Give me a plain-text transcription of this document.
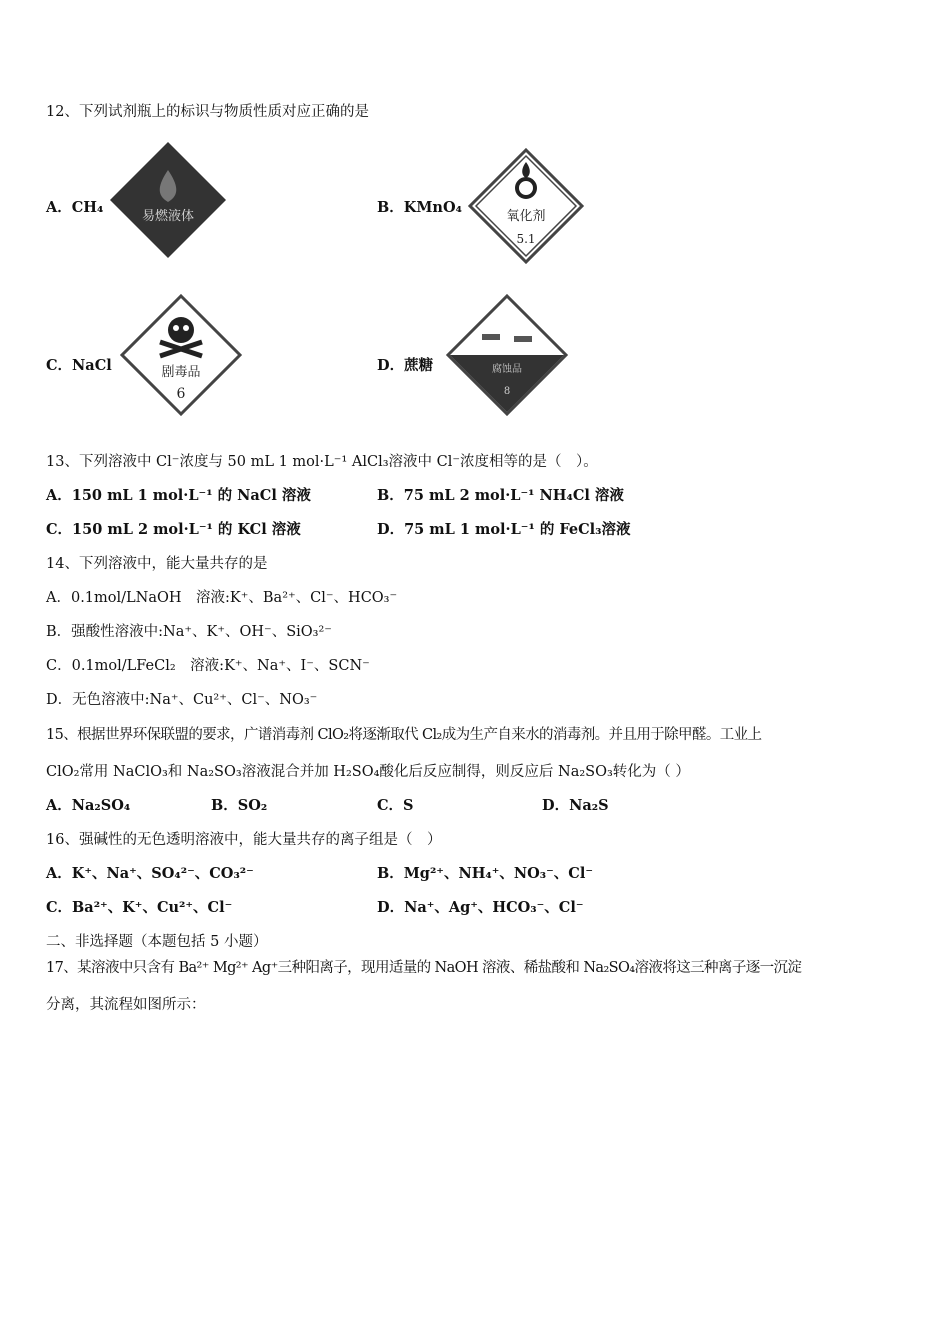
12、下列试剂瓶上的标识与物质性质对应正确的是
A．CH₄
易燃液体
B．KMnO₄
氧化剂
5.1
C．NaCl	剧毒品
6
D．蔗糖	腐蚀品
8
13、下列溶液中 Cl⁻浓度与 50 mL 1 mol·L⁻¹ AlCl₃溶液中 Cl⁻浓度相等的是（　）。
A．150 mL 1 mol·L⁻¹ 的 NaCl 溶液	B．75 mL 2 mol·L⁻¹ NH₄Cl 溶液
C．150 mL 2 mol·L⁻¹ 的 KCl 溶液	D．75 mL 1 mol·L⁻¹ 的 FeCl₃溶液
14、下列溶液中，能大量共存的是
A．0.1mol/LNaOH　溶液:K⁺、Ba²⁺、Cl⁻、HCO₃⁻
B．强酸性溶液中:Na⁺、K⁺、OH⁻、SiO₃²⁻
C．0.1mol/LFeCl₂　溶液:K⁺、Na⁺、I⁻、SCN⁻
D．无色溶液中:Na⁺、Cu²⁺、Cl⁻、NO₃⁻
15、根据世界环保联盟的要求，广谱消毒剂 ClO₂将逐渐取代 Cl₂成为生产自来水的消毒剂。并且用于除甲醛。工业上
ClO₂常用 NaClO₃和 Na₂SO₃溶液混合并加 H₂SO₄酸化后反应制得，则反应后 Na₂SO₃转化为（ ）
A．Na₂SO₄	B．SO₂	C．S	D．Na₂S
16、强碱性的无色透明溶液中，能大量共存的离子组是（　）
A．K⁺、Na⁺、SO₄²⁻、CO₃²⁻	B．Mg²⁺、NH₄⁺、NO₃⁻、Cl⁻
C．Ba²⁺、K⁺、Cu²⁺、Cl⁻	D．Na⁺、Ag⁺、HCO₃⁻、Cl⁻
二、非选择题（本题包括 5 小题）
17、某溶液中只含有 Ba²⁺ Mg²⁺ Ag⁺三种阳离子，现用适量的 NaOH 溶液、稀盐酸和 Na₂SO₄溶液将这三种离子逐一沉淀
分离，其流程如图所示：
